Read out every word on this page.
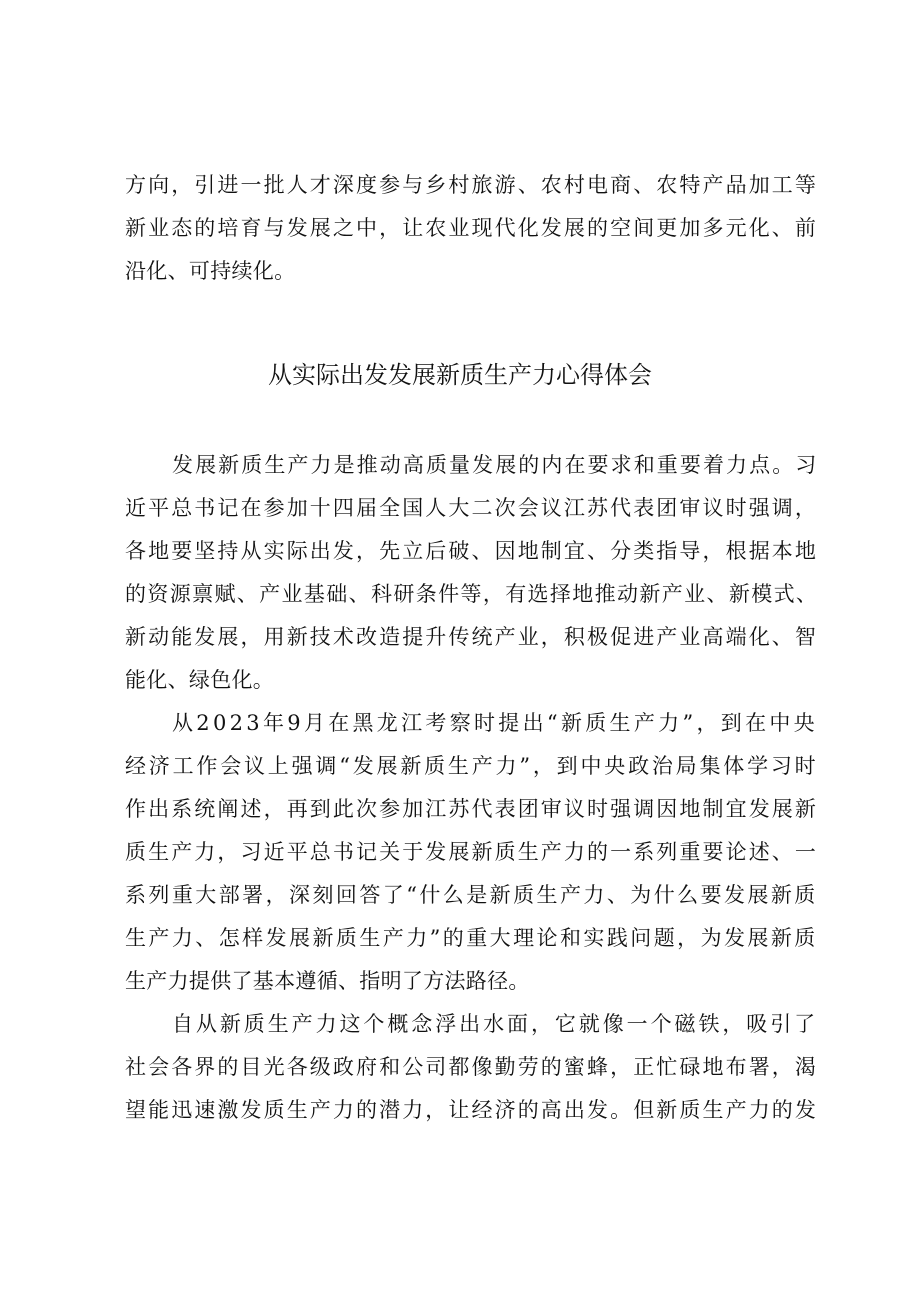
方向，引进一批人才深度参与乡村旅游、农村电商、农特产品加工等
新业态的培育与发展之中，让农业现代化发展的空间更加多元化、前
沿化、可持续化。
从实际出发发展新质生产力心得体会
发展新质生产力是推动高质量发展的内在要求和重要着力点。习
近平总书记在参加十四届全国人大二次会议江苏代表团审议时强调，
各地要坚持从实际出发，先立后破、因地制宜、分类指导，根据本地
的资源禀赋、产业基础、科研条件等，有选择地推动新产业、新模式、
新动能发展，用新技术改造提升传统产业，积极促进产业高端化、智
能化、绿色化。
从2023年9月在黑龙江考察时提出“新质生产力”，到在中央
经济工作会议上强调“发展新质生产力”，到中央政治局集体学习时
作出系统阐述，再到此次参加江苏代表团审议时强调因地制宜发展新
质生产力，习近平总书记关于发展新质生产力的一系列重要论述、一
系列重大部署，深刻回答了“什么是新质生产力、为什么要发展新质
生产力、怎样发展新质生产力”的重大理论和实践问题，为发展新质
生产力提供了基本遵循、指明了方法路径。
自从新质生产力这个概念浮出水面，它就像一个磁铁，吸引了
社会各界的目光各级政府和公司都像勤劳的蜜蜂，正忙碌地布署，渴
望能迅速激发质生产力的潜力，让经济的高出发。但新质生产力的发
